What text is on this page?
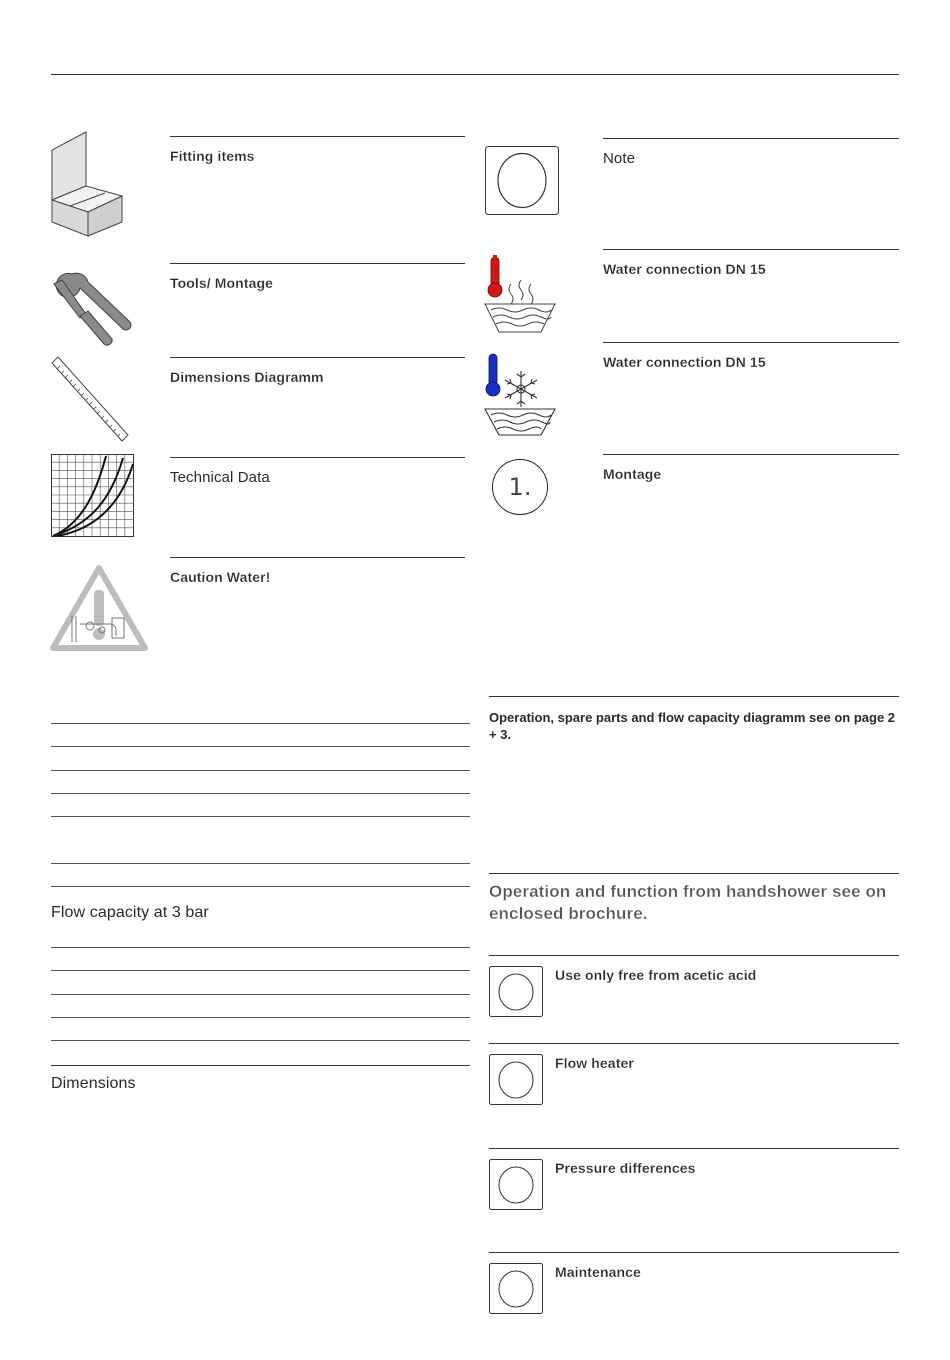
Fitting items
Tools/ Montage
Dimensions Diagramm
Technical Data
Caution Water!
Flow capacity at 3 bar
Dimensions
Note
Water connection DN 15
Water connection DN 15
1.	Montage
Operation, spare parts and flow capacity diagramm see on page 2 + 3.
Operation and function from handshower see on enclosed brochure.
Use only free from acetic acid
Flow heater
Pressure differences
Maintenance
